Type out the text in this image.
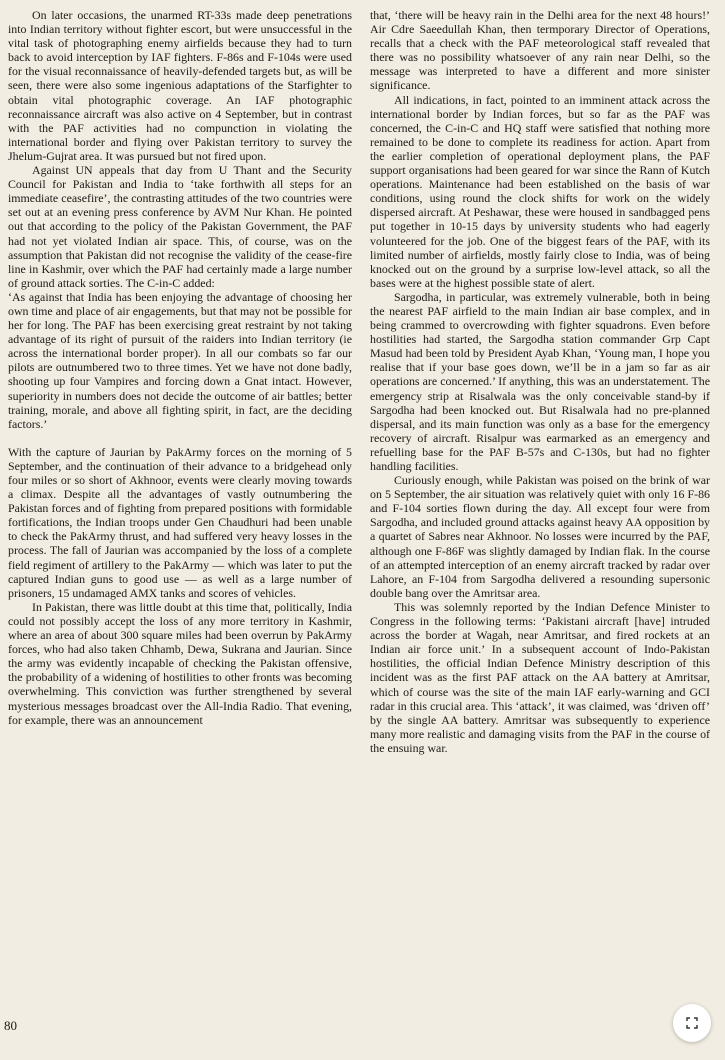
On later occasions, the unarmed RT-33s made deep penetrations into Indian territory without fighter escort, but were unsuccessful in the vital task of photographing enemy airfields because they had to turn back to avoid interception by IAF fighters. F-86s and F-104s were used for the visual reconnaissance of heavily-defended targets but, as will be seen, there were also some ingenious adaptations of the Starfighter to obtain vital photographic coverage. An IAF photographic reconnaissance aircraft was also active on 4 September, but in contrast with the PAF activities had no compunction in violating the international border and flying over Pakistan territory to survey the Jhelum-Gujrat area. It was pursued but not fired upon.

Against UN appeals that day from U Thant and the Security Council for Pakistan and India to ‘take forthwith all steps for an immediate ceasefire’, the contrasting attitudes of the two countries were set out at an evening press conference by AVM Nur Khan. He pointed out that according to the policy of the Pakistan Government, the PAF had not yet violated Indian air space. This, of course, was on the assumption that Pakistan did not recognise the validity of the cease-fire line in Kashmir, over which the PAF had certainly made a large number of ground attack sorties. The C-in-C added:

‘As against that India has been enjoying the advantage of choosing her own time and place of air engagements, but that may not be possible for her for long. The PAF has been exercising great restraint by not taking advantage of its right of pursuit of the raiders into Indian territory (ie across the international border proper). In all our combats so far our pilots are outnumbered two to three times. Yet we have not done badly, shooting up four Vampires and forcing down a Gnat intact. However, superiority in numbers does not decide the outcome of air battles; better training, morale, and above all fighting spirit, in fact, are the deciding factors.’

With the capture of Jaurian by PakArmy forces on the morning of 5 September, and the continuation of their advance to a bridgehead only four miles or so short of Akhnoor, events were clearly moving towards a climax. Despite all the advantages of vastly outnumbering the Pakistan forces and of fighting from prepared positions with formidable fortifications, the Indian troops under Gen Chaudhuri had been unable to check the PakArmy thrust, and had suffered very heavy losses in the process. The fall of Jaurian was accompanied by the loss of a complete field regiment of artillery to the PakArmy — which was later to put the captured Indian guns to good use — as well as a large number of prisoners, 15 undamaged AMX tanks and scores of vehicles.

In Pakistan, there was little doubt at this time that, politically, India could not possibly accept the loss of any more territory in Kashmir, where an area of about 300 square miles had been overrun by PakArmy forces, who had also taken Chhamb, Dewa, Sukrana and Jaurian. Since the army was evidently incapable of checking the Pakistan offensive, the probability of a widening of hostilities to other fronts was becoming overwhelming. This conviction was further strengthened by several mysterious messages broadcast over the All-India Radio. That evening, for example, there was an announcement

that, ‘there will be heavy rain in the Delhi area for the next 48 hours!’ Air Cdre Saeedullah Khan, then termporary Director of Operations, recalls that a check with the PAF meteorological staff revealed that there was no possibility whatsoever of any rain near Delhi, so the message was interpreted to have a different and more sinister significance.

All indications, in fact, pointed to an imminent attack across the international border by Indian forces, but so far as the PAF was concerned, the C-in-C and HQ staff were satisfied that nothing more remained to be done to complete its readiness for action. Apart from the earlier completion of operational deployment plans, the PAF support organisations had been geared for war since the Rann of Kutch operations. Maintenance had been established on the basis of war conditions, using round the clock shifts for work on the widely dispersed aircraft. At Peshawar, these were housed in sandbagged pens put together in 10-15 days by university students who had eagerly volunteered for the job. One of the biggest fears of the PAF, with its limited number of airfields, mostly fairly close to India, was of being knocked out on the ground by a surprise low-level attack, so all the bases were at the highest possible state of alert.

Sargodha, in particular, was extremely vulnerable, both in being the nearest PAF airfield to the main Indian air base complex, and in being crammed to overcrowding with fighter squadrons. Even before hostilities had started, the Sargodha station commander Grp Capt Masud had been told by President Ayab Khan, ‘Young man, I hope you realise that if your base goes down, we’ll be in a jam so far as air operations are concerned.’ If anything, this was an understatement. The emergency strip at Risalwala was the only conceivable stand-by if Sargodha had been knocked out. But Risalwala had no pre-planned dispersal, and its main function was only as a base for the emergency recovery of aircraft. Risalpur was earmarked as an emergency and refuelling base for the PAF B-57s and C-130s, but had no fighter handling facilities.

Curiously enough, while Pakistan was poised on the brink of war on 5 September, the air situation was relatively quiet with only 16 F-86 and F-104 sorties flown during the day. All except four were from Sargodha, and included ground attacks against heavy AA opposition by a quartet of Sabres near Akhnoor. No losses were incurred by the PAF, although one F-86F was slightly damaged by Indian flak. In the course of an attempted interception of an enemy aircraft tracked by radar over Lahore, an F-104 from Sargodha delivered a resounding supersonic double bang over the Amritsar area.

This was solemnly reported by the Indian Defence Minister to Congress in the following terms: ‘Pakistani aircraft [have] intruded across the border at Wagah, near Amritsar, and fired rockets at an Indian air force unit.’ In a subsequent account of Indo-Pakistan hostilities, the official Indian Defence Ministry description of this incident was as the first PAF attack on the AA battery at Amritsar, which of course was the site of the main IAF early-warning and GCI radar in this crucial area. This ‘attack’, it was claimed, was ‘driven off’ by the single AA battery. Amritsar was subsequently to experience many more realistic and damaging visits from the PAF in the course of the ensuing war.

80
